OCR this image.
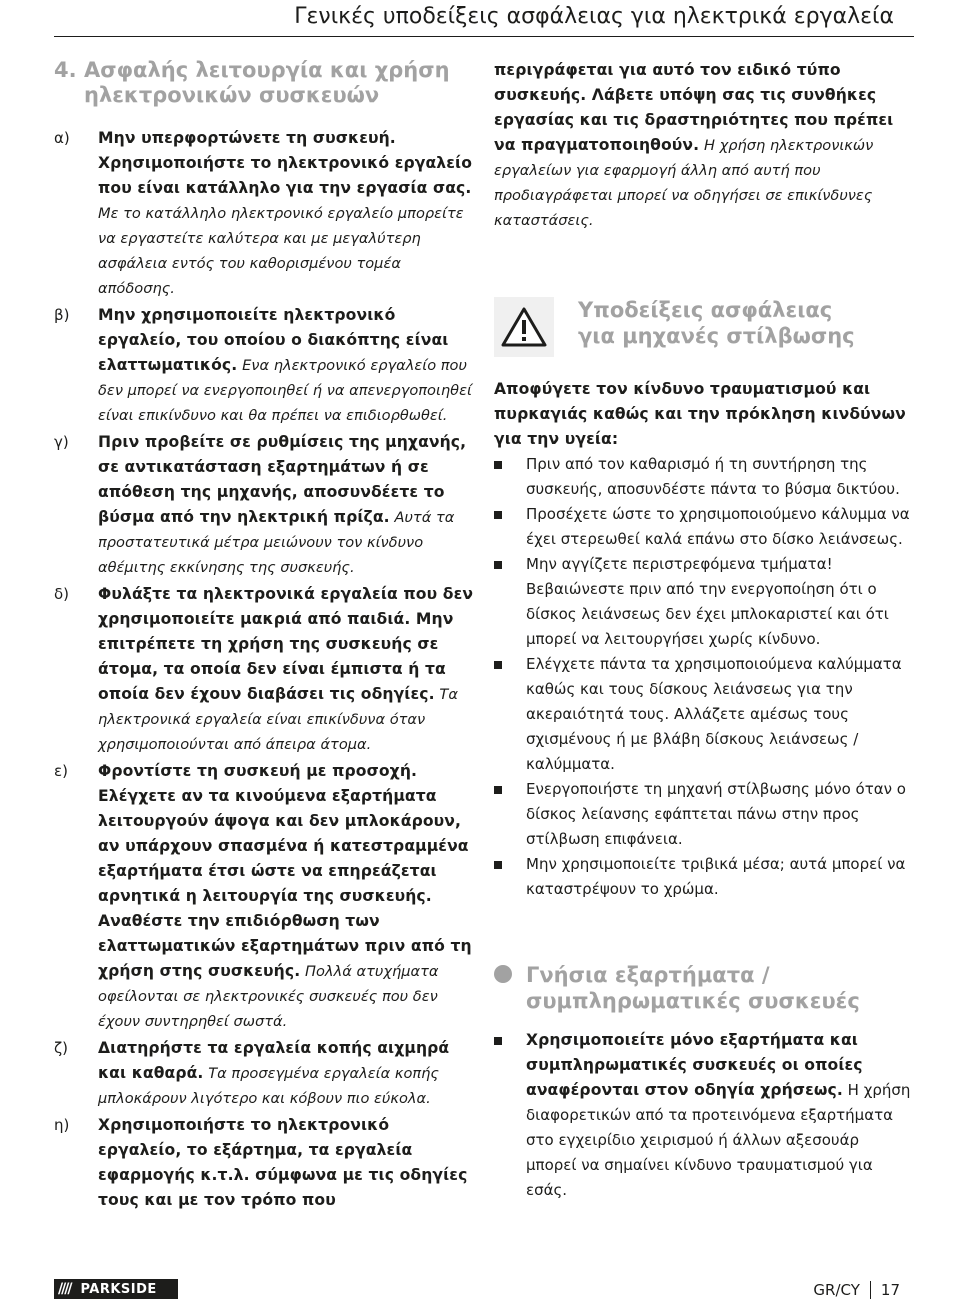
Γενικές υποδείξεις ασφάλειας για ηλεκτρικά εργαλεία
4. Ασφαλής λειτουργία και χρήση
ηλεκτρονικών συσκευών
α)	Μην υπερφορτώνετε τη συσκευή. Χρησιμοποιήστε το ηλεκτρονικό εργαλείο που είναι κατάλληλο για την εργασία σας. Με το κατάλληλο ηλεκτρονικό εργαλείο μπορείτε να εργαστείτε καλύτερα και με μεγαλύτερη ασφάλεια εντός του καθορισμένου τομέα απόδοσης.
β)	Μην χρησιμοποιείτε ηλεκτρονικό εργαλείο, του οποίου ο διακόπτης είναι ελαττωματικός. Ενα ηλεκτρονικό εργαλείο που δεν μπορεί να ενεργοποιηθεί ή να απενεργοποιηθεί είναι επικίνδυνο και θα πρέπει να επιδιορθωθεί.
γ)	Πριν προβείτε σε ρυθμίσεις της μηχανής, σε αντικατάσταση εξαρτημάτων ή σε απόθεση της μηχανής, αποσυνδέετε το βύσμα από την ηλεκτρική πρίζα. Αυτά τα προστατευτικά μέτρα μειώνουν τον κίνδυνο αθέμιτης εκκίνησης της συσκευής.
δ)	Φυλάξτε τα ηλεκτρονικά εργαλεία που δεν χρησιμοποιείτε μακριά από παιδιά. Μην επιτρέπετε τη χρήση της συσκευής σε άτομα, τα οποία δεν είναι έμπιστα ή τα οποία δεν έχουν διαβάσει τις οδηγίες. Τα ηλεκτρονικά εργαλεία είναι επικίνδυνα όταν χρησιμοποιούνται από άπειρα άτομα.
ε)	Φροντίστε τη συσκευή με προσοχή. Ελέγχετε αν τα κινούμενα εξαρτήματα λειτουργούν άψογα και δεν μπλοκάρουν, αν υπάρχουν σπασμένα ή κατεστραμμένα εξαρτήματα έτσι ώστε να επηρεάζεται αρνητικά η λειτουργία της συσκευής. Αναθέστε την επιδιόρθωση των ελαττωματικών εξαρτημάτων πριν από τη χρήση στης συσκευής. Πολλά ατυχήματα οφείλονται σε ηλεκτρονικές συσκευές που δεν έχουν συντηρηθεί σωστά.
ζ)	Διατηρήστε τα εργαλεία κοπής αιχμηρά και καθαρά. Τα προσεγμένα εργαλεία κοπής μπλοκάρουν λιγότερο και κόβουν πιο εύκολα.
η)	Χρησιμοποιήστε το ηλεκτρονικό εργαλείο, το εξάρτημα, τα εργαλεία εφαρμογής κ.τ.λ. σύμφωνα με τις οδηγίες τους και με τον τρόπο που
περιγράφεται για αυτό τον ειδικό τύπο συσκευής. Λάβετε υπόψη σας τις συνθήκες εργασίας και τις δραστηριότητες που πρέπει να πραγματοποιηθούν. Η χρήση ηλεκτρονικών εργαλείων για εφαρμογή άλλη από αυτή που προδιαγράφεται μπορεί να οδηγήσει σε επικίνδυνες καταστάσεις.
Υποδείξεις ασφάλειας
για μηχανές στίλβωσης
Αποφύγετε τον κίνδυνο τραυματισμού και πυρκαγιάς καθώς και την πρόκληση κινδύνων για την υγεία:
Πριν από τον καθαρισμό ή τη συντήρηση της συσκευής, αποσυνδέστε πάντα το βύσμα δικτύου.
Προσέχετε ώστε το χρησιμοποιούμενο κάλυμμα να έχει στερεωθεί καλά επάνω στο δίσκο λειάνσεως.
Μην αγγίζετε περιστρεφόμενα τμήματα! Βεβαιώνεστε πριν από την ενεργοποίηση ότι ο δίσκος λειάνσεως δεν έχει μπλοκαριστεί και ότι μπορεί να λειτουργήσει χωρίς κίνδυνο.
Ελέγχετε πάντα τα χρησιμοποιούμενα καλύμματα καθώς και τους δίσκους λειάνσεως για την ακεραιότητά τους. Αλλάζετε αμέσως τους σχισμένους ή με βλάβη δίσκους λειάνσεως / καλύμματα.
Ενεργοποιήστε τη μηχανή στίλβωσης μόνο όταν ο δίσκος λείανσης εφάπτεται πάνω στην προς στίλβωση επιφάνεια.
Μην χρησιμοποιείτε τριβικά μέσα; αυτά μπορεί να καταστρέψουν το χρώμα.
Γνήσια εξαρτήματα /
συμπληρωματικές συσκευές
Χρησιμοποιείτε μόνο εξαρτήματα και συμπληρωματικές συσκευές οι οποίες αναφέρονται στον οδηγία χρήσεως. Η χρήση διαφορετικών από τα προτεινόμενα εξαρτήματα στο εγχειρίδιο χειρισμού ή άλλων αξεσουάρ μπορεί να σημαίνει κίνδυνο τραυματισμού για εσάς.
//// PARKSIDE	GR/CY 17
